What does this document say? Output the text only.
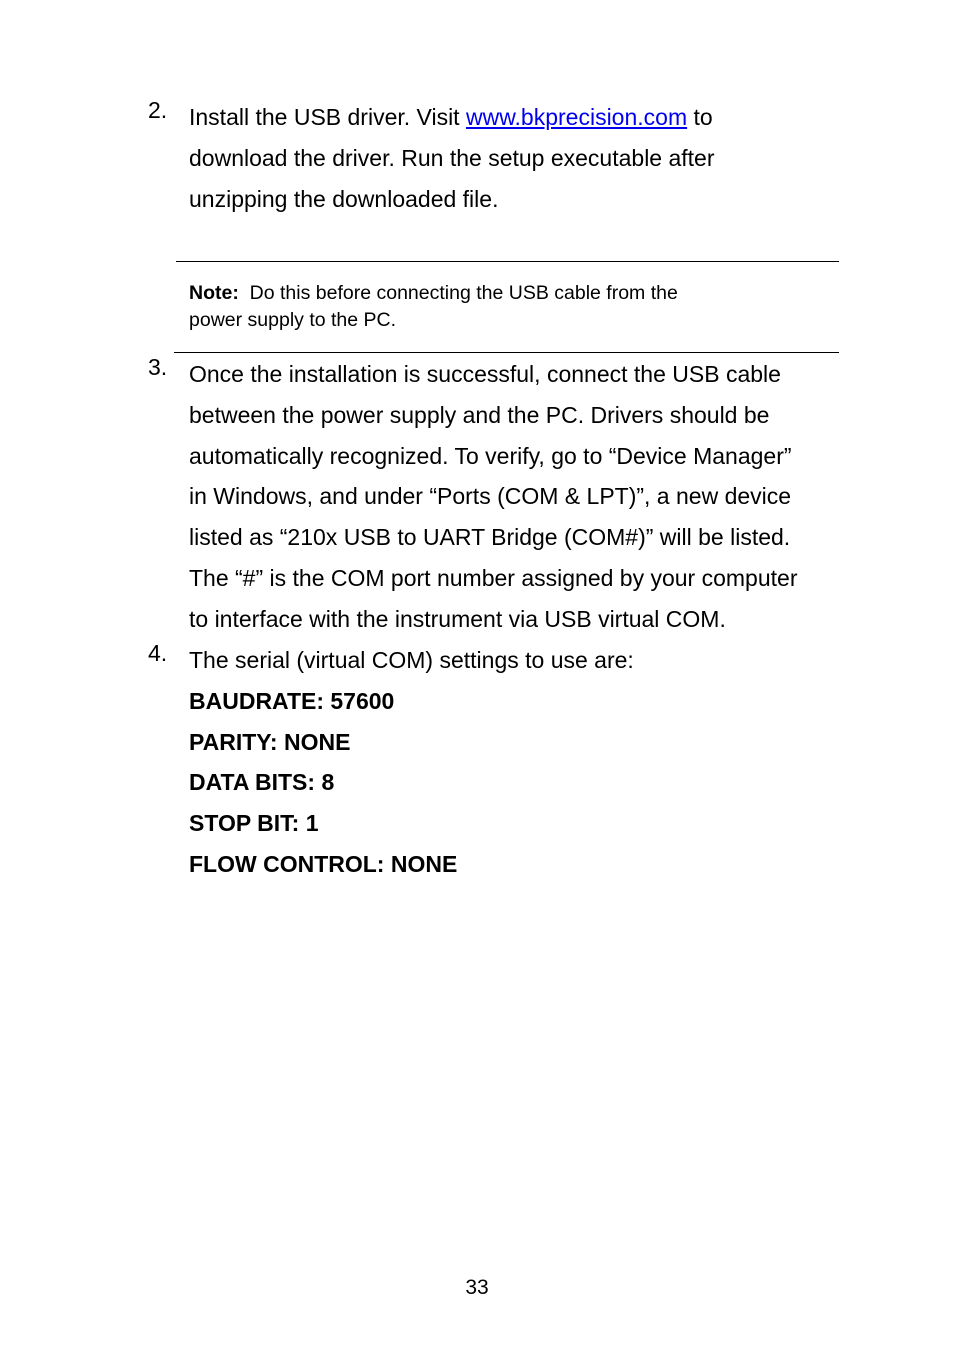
2. Install the USB driver. Visit www.bkprecision.com to
download the driver. Run the setup executable after
unzipping the downloaded file.
Note:  Do this before connecting the USB cable from the
power supply to the PC.
3. Once the installation is successful, connect the USB cable
between the power supply and the PC. Drivers should be
automatically recognized. To verify, go to “Device Manager”
in Windows, and under “Ports (COM & LPT)”, a new device
listed as “210x USB to UART Bridge (COM#)” will be listed.
The “#” is the COM port number assigned by your computer
to interface with the instrument via USB virtual COM.
4. The serial (virtual COM) settings to use are:
BAUDRATE: 57600
PARITY: NONE
DATA BITS: 8
STOP BIT: 1
FLOW CONTROL: NONE
33
